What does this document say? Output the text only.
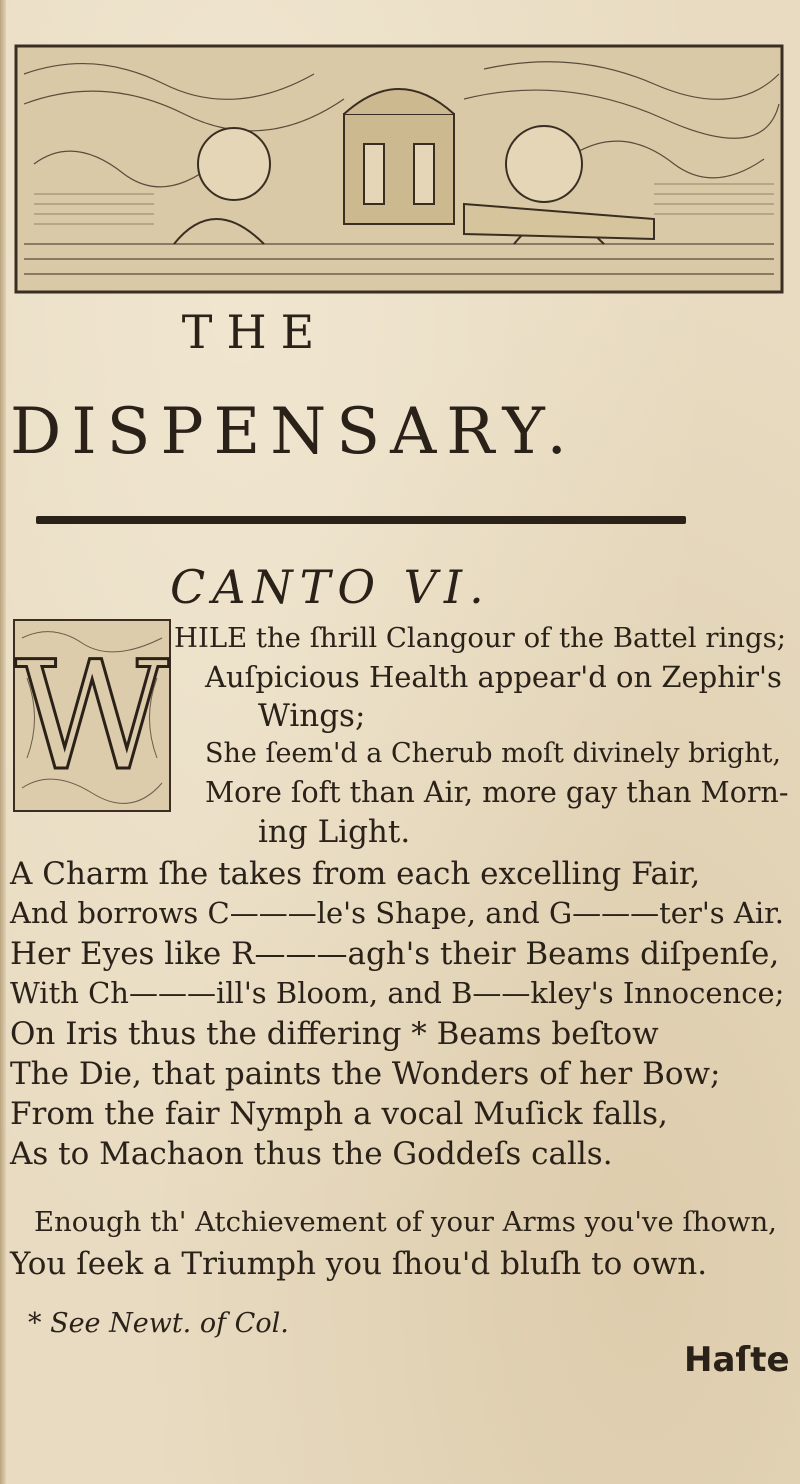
THE
DISPENSARY.
CANTO VI.
W HILE the ſhrill Clangour of the Battel rings;
Auſpicious Health appear'd on Zephir's
Wings;
She ſeem'd a Cherub moſt divinely bright,
More ſoft than Air, more gay than Morn-
ing Light.
A Charm ſhe takes from each excelling Fair,
And borrows C———le's Shape, and G———ter's Air.
Her Eyes like R———agh's their Beams diſpenſe,
With Ch———ill's Bloom, and B——kley's Innocence;
On Iris thus the differing * Beams beſtow
The Die, that paints the Wonders of her Bow;
From the fair Nymph a vocal Muſick falls,
As to Machaon thus the Goddeſs calls.
Enough th' Atchievement of your Arms you've ſhown,
You ſeek a Triumph you ſhou'd bluſh to own.
* See Newt. of Col.
Haſte
